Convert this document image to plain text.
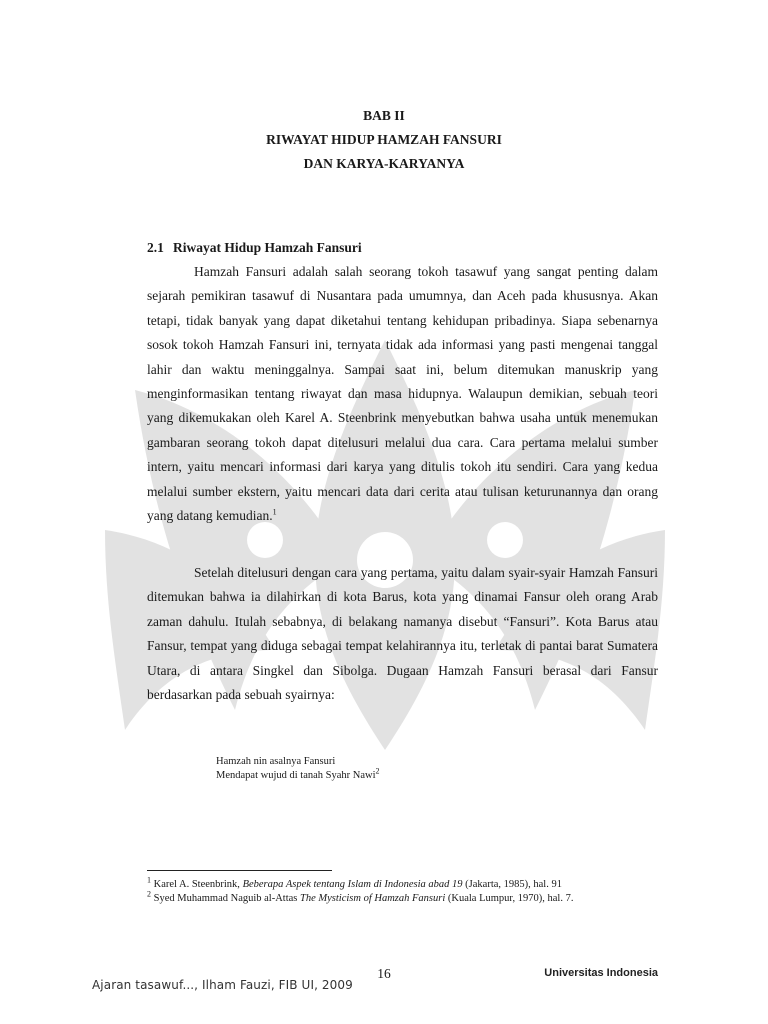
BAB II
RIWAYAT HIDUP HAMZAH FANSURI
DAN KARYA-KARYANYA
2.1 Riwayat Hidup Hamzah Fansuri

Hamzah Fansuri adalah salah seorang tokoh tasawuf yang sangat penting dalam sejarah pemikiran tasawuf di Nusantara pada umumnya, dan Aceh pada khususnya. Akan tetapi, tidak banyak yang dapat diketahui tentang kehidupan pribadinya. Siapa sebenarnya sosok tokoh Hamzah Fansuri ini, ternyata tidak ada informasi yang pasti mengenai tanggal lahir dan waktu meninggalnya. Sampai saat ini, belum ditemukan manuskrip yang menginformasikan tentang riwayat dan masa hidupnya. Walaupun demikian, sebuah teori yang dikemukakan oleh Karel A. Steenbrink menyebutkan bahwa usaha untuk menemukan gambaran seorang tokoh dapat ditelusuri melalui dua cara. Cara pertama melalui sumber intern, yaitu mencari informasi dari karya yang ditulis tokoh itu sendiri. Cara yang kedua melalui sumber ekstern, yaitu mencari data dari cerita atau tulisan keturunannya dan orang yang datang kemudian.$^1$

Setelah ditelusuri dengan cara yang pertama, yaitu dalam syair-syair Hamzah Fansuri ditemukan bahwa ia dilahirkan di kota Barus, kota yang dinamai Fansur oleh orang Arab zaman dahulu. Itulah sebabnya, di belakang namanya disebut “Fansuri”. Kota Barus atau Fansur, tempat yang diduga sebagai tempat kelahirannya itu, terletak di pantai barat Sumatera Utara, di antara Singkel dan Sibolga. Dugaan Hamzah Fansuri berasal dari Fansur berdasarkan pada sebuah syairnya:

Hamzah nin asalnya Fansuri
Mendapat wujud di tanah Syahr Nawi$^2$

$^1$ Karel A. Steenbrink, Beberapa Aspek tentang Islam di Indonesia abad 19 (Jakarta, 1985), hal. 91

$^2$ Syed Muhammad Naguib al-Attas The Mysticism of Hamzah Fansuri (Kuala Lumpur, 1970), hal. 7.

16	Universitas Indonesia
Ajaran tasawuf..., Ilham Fauzi, FIB UI, 2009
